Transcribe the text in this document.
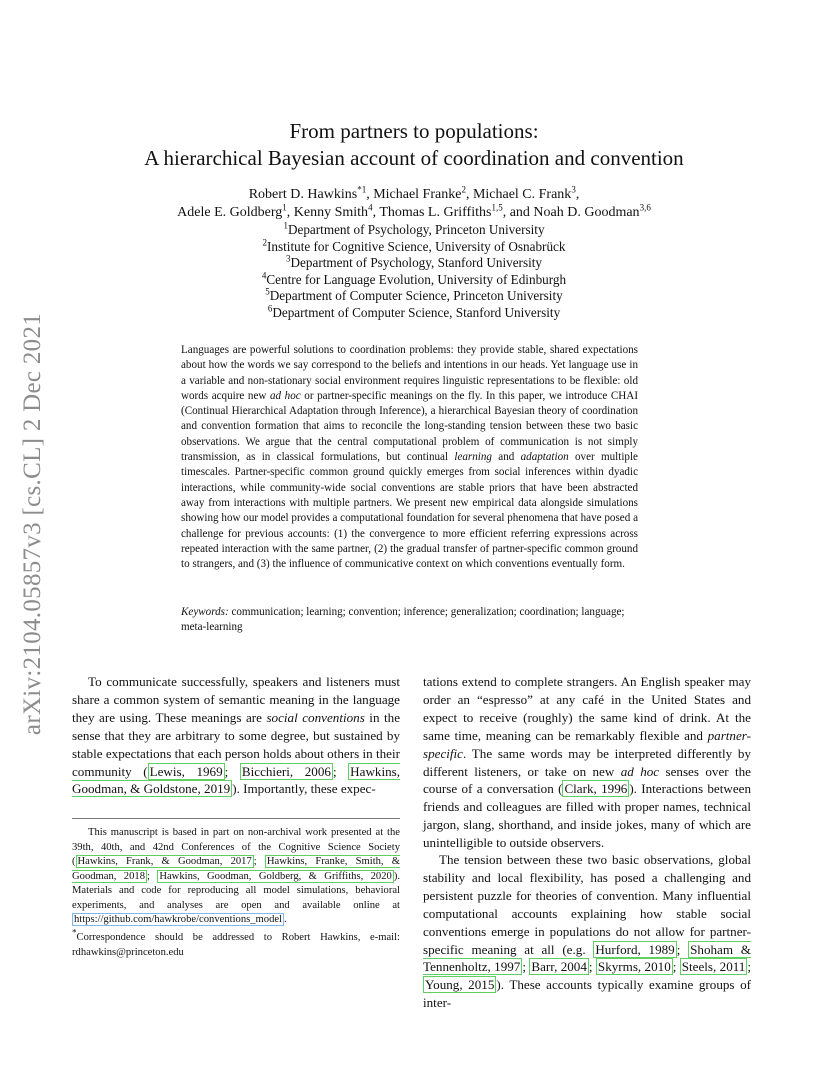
arXiv:2104.05857v3 [cs.CL] 2 Dec 2021
From partners to populations:
A hierarchical Bayesian account of coordination and convention
Robert D. Hawkins$^{*1}$, Michael Franke$^2$, Michael C. Frank$^3$,
Adele E. Goldberg$^1$, Kenny Smith$^4$, Thomas L. Griffiths$^{1,5}$, and Noah D. Goodman$^{3,6}$
$^1$Department of Psychology, Princeton University
$^2$Institute for Cognitive Science, University of Osnabrück
$^3$Department of Psychology, Stanford University
$^4$Centre for Language Evolution, University of Edinburgh
$^5$Department of Computer Science, Princeton University
$^6$Department of Computer Science, Stanford University

Languages are powerful solutions to coordination problems: they provide stable, shared expectations about how the words we say correspond to the beliefs and intentions in our heads. Yet language use in a variable and non-stationary social environment requires linguistic representations to be flexible: old words acquire new ad hoc or partner-specific meanings on the fly. In this paper, we introduce CHAI (Continual Hierarchical Adaptation through Inference), a hierarchical Bayesian theory of coordination and convention formation that aims to reconcile the long-standing tension between these two basic observations. We argue that the central computational problem of communication is not simply transmission, as in classical formulations, but continual learning and adaptation over multiple timescales. Partner-specific common ground quickly emerges from social inferences within dyadic interactions, while community-wide social conventions are stable priors that have been abstracted away from interactions with multiple partners. We present new empirical data alongside simulations showing how our model provides a computational foundation for several phenomena that have posed a challenge for previous accounts: (1) the convergence to more efficient referring expressions across repeated interaction with the same partner, (2) the gradual transfer of partner-specific common ground to strangers, and (3) the influence of communicative context on which conventions eventually form.

Keywords: communication; learning; convention; inference; generalization; coordination; language; meta-learning

To communicate successfully, speakers and listeners must share a common system of semantic meaning in the language they are using. These meanings are social conventions in the sense that they are arbitrary to some degree, but sustained by stable expectations that each person holds about others in their community ( Lewis, 1969 ; Bicchieri, 2006 ; Hawkins, Goodman, & Goldstone, 2019 ). Importantly, these expec-

This manuscript is based in part on non-archival work presented at the 39th, 40th, and 42nd Conferences of the Cognitive Science Society ( Hawkins, Frank, & Goodman, 2017 ; Hawkins, Franke, Smith, & Goodman, 2018 ; Hawkins, Goodman, Goldberg, & Griffiths, 2020 ). Materials and code for reproducing all model simulations, behavioral experiments, and analyses are open and available online at https://github.com/hawkrobe/conventions_model .

*Correspondence should be addressed to Robert Hawkins, e-mail: rdhawkins@princeton.edu

tations extend to complete strangers. An English speaker may order an “espresso” at any café in the United States and expect to receive (roughly) the same kind of drink. At the same time, meaning can be remarkably flexible and partner-specific. The same words may be interpreted differently by different listeners, or take on new ad hoc senses over the course of a conversation ( Clark, 1996 ). Interactions between friends and colleagues are filled with proper names, technical jargon, slang, shorthand, and inside jokes, many of which are unintelligible to outside observers.

The tension between these two basic observations, global stability and local flexibility, has posed a challenging and persistent puzzle for theories of convention. Many influential computational accounts explaining how stable social conventions emerge in populations do not allow for partner-specific meaning at all (e.g. Hurford, 1989 ; Shoham & Tennenholtz, 1997 ; Barr, 2004 ; Skyrms, 2010 ; Steels, 2011 ; Young, 2015 ). These accounts typically examine groups of inter-
